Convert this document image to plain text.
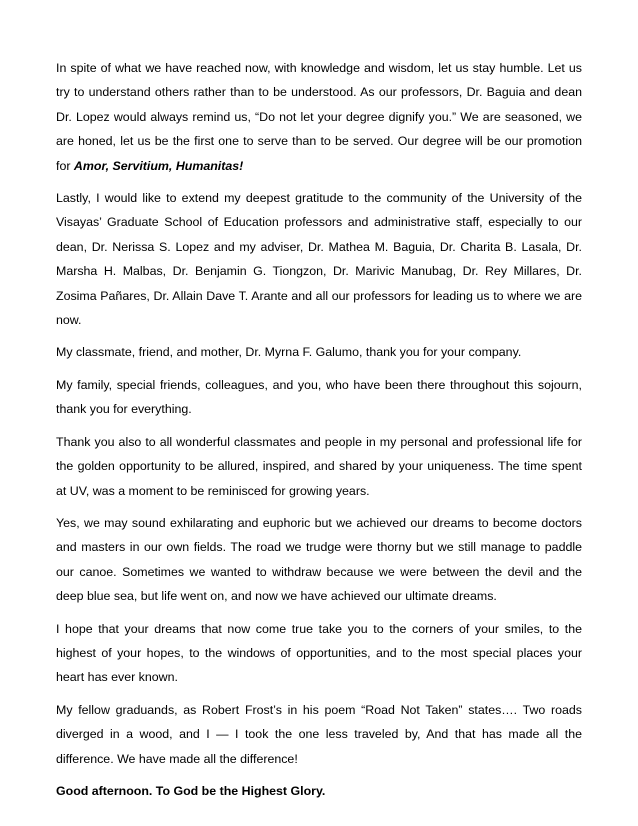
In spite of what we have reached now, with knowledge and wisdom, let us stay humble. Let us try to understand others rather than to be understood. As our professors, Dr. Baguia and dean Dr. Lopez would always remind us, “Do not let your degree dignify you.” We are seasoned, we are honed, let us be the first one to serve than to be served. Our degree will be our promotion for Amor, Servitium, Humanitas!

Lastly, I would like to extend my deepest gratitude to the community of the University of the Visayas’ Graduate School of Education professors and administrative staff, especially to our dean, Dr. Nerissa S. Lopez and my adviser, Dr. Mathea M. Baguia, Dr. Charita B. Lasala, Dr. Marsha H. Malbas, Dr. Benjamin G. Tiongzon, Dr. Marivic Manubag, Dr. Rey Millares, Dr. Zosima Pañares, Dr. Allain Dave T. Arante and all our professors for leading us to where we are now.

My classmate, friend, and mother, Dr. Myrna F. Galumo, thank you for your company.

My family, special friends, colleagues, and you, who have been there throughout this sojourn, thank you for everything.

Thank you also to all wonderful classmates and people in my personal and professional life for the golden opportunity to be allured, inspired, and shared by your uniqueness. The time spent at UV, was a moment to be reminisced for growing years.

Yes, we may sound exhilarating and euphoric but we achieved our dreams to become doctors and masters in our own fields. The road we trudge were thorny but we still manage to paddle our canoe. Sometimes we wanted to withdraw because we were between the devil and the deep blue sea, but life went on, and now we have achieved our ultimate dreams.

I hope that your dreams that now come true take you to the corners of your smiles, to the highest of your hopes, to the windows of opportunities, and to the most special places your heart has ever known.

My fellow graduands, as Robert Frost’s in his poem “Road Not Taken” states…. Two roads diverged in a wood, and I — I took the one less traveled by, And that has made all the difference. We have made all the difference!

Good afternoon. To God be the Highest Glory.
